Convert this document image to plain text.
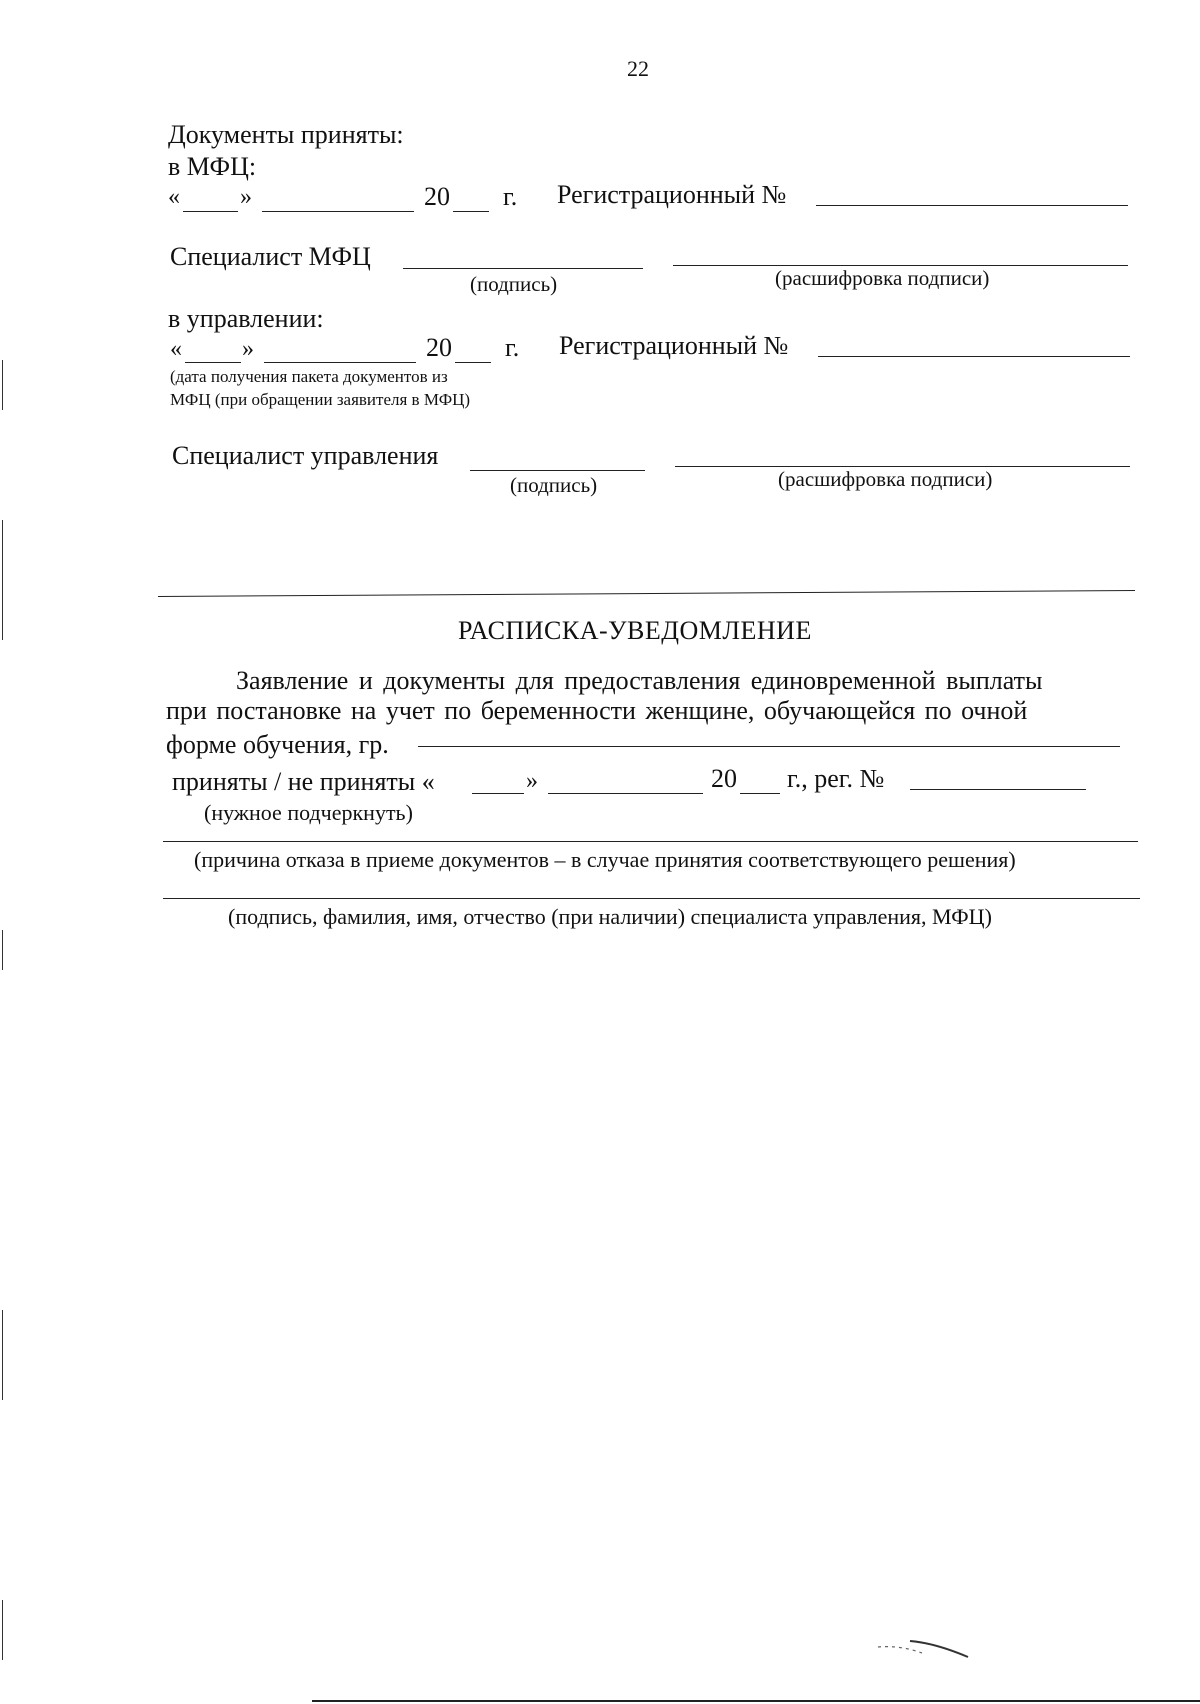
22
Документы приняты:
в МФЦ:
«	»	20 г. Регистрационный №
Специалист МФЦ
(подпись)	(расшифровка подписи)
в управлении:
«	»	20 г. Регистрационный №
(дата получения пакета документов из
МФЦ (при обращении заявителя в МФЦ)
Специалист управления
(подпись)	(расшифровка подписи)
РАСПИСКА-УВЕДОМЛЕНИЕ
Заявление и документы для предоставления единовременной выплаты
при постановке на учет по беременности женщине, обучающейся по очной
форме обучения, гр.
приняты / не приняты «	»	20 г., рег. №
(нужное подчеркнуть)
(причина отказа в приеме документов – в случае принятия соответствующего решения)
(подпись, фамилия, имя, отчество (при наличии) специалиста управления, МФЦ)
